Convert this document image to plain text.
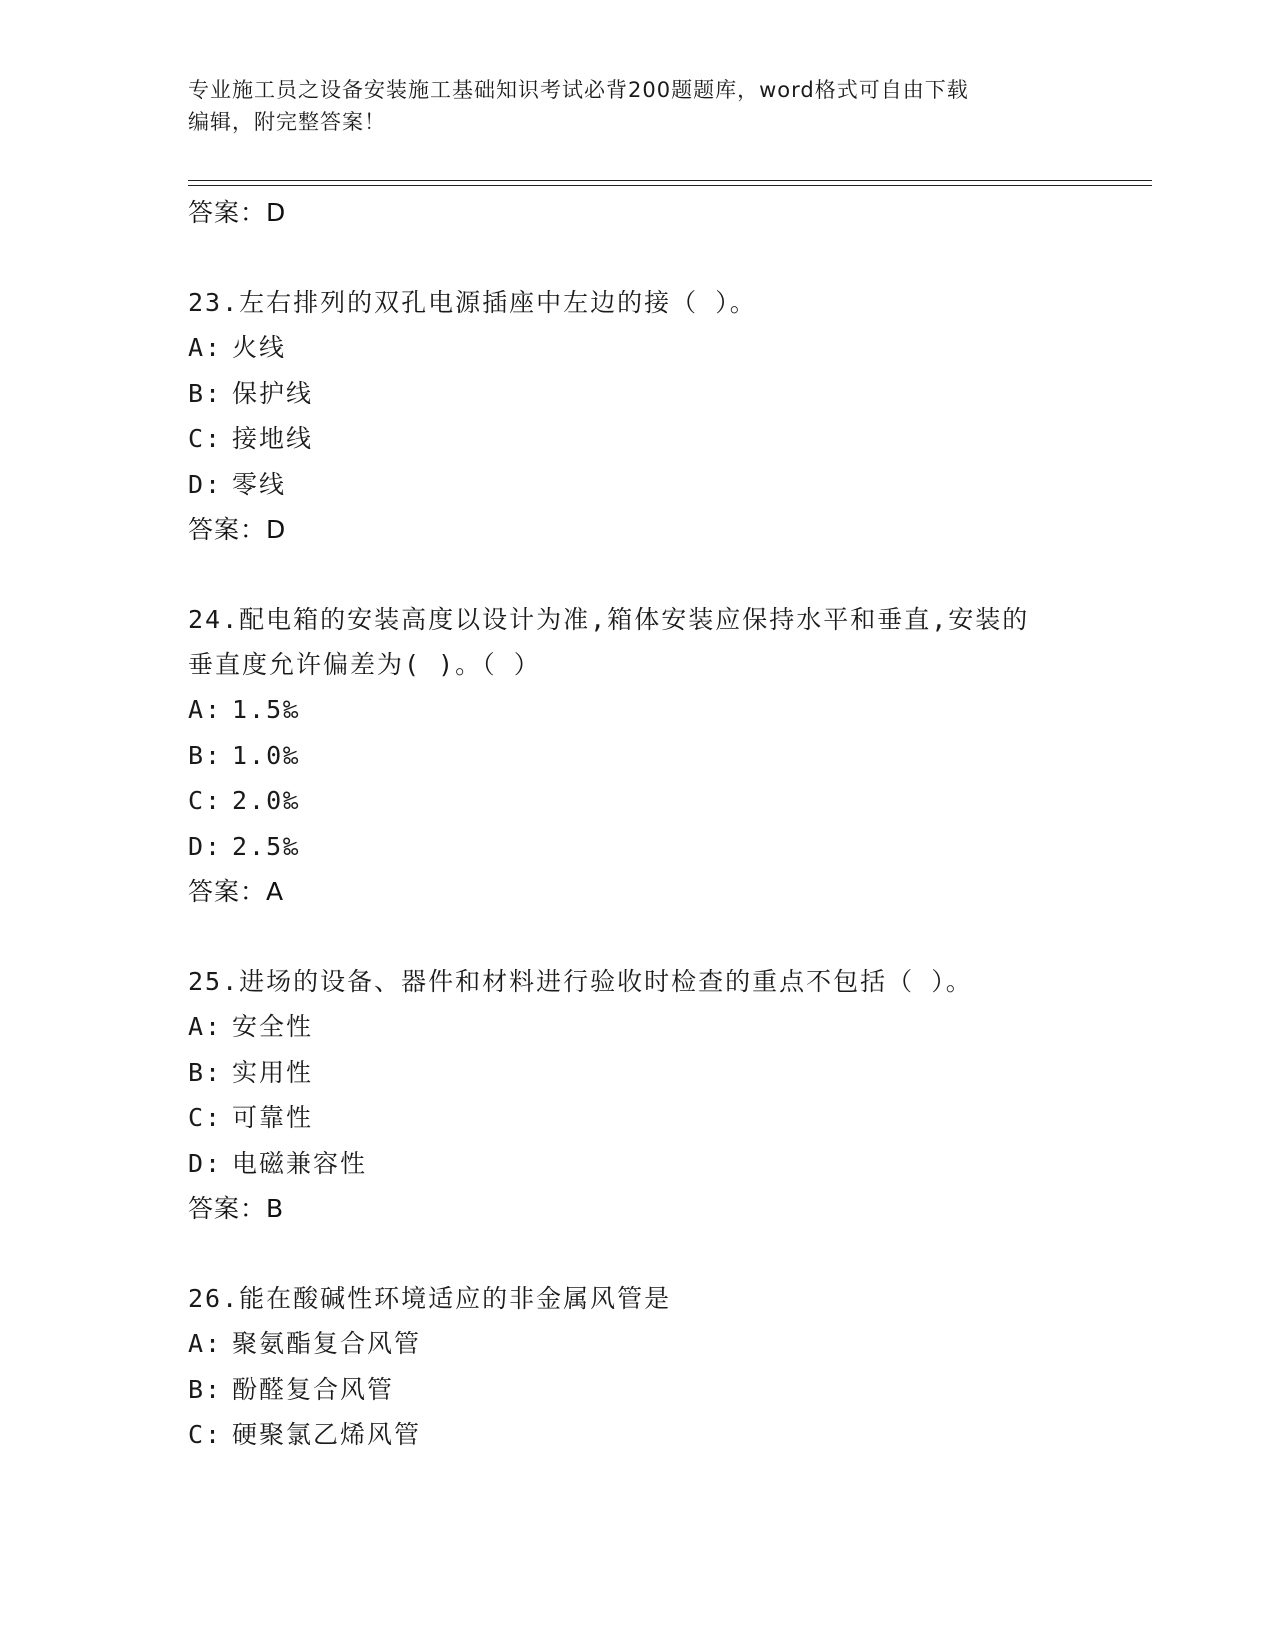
专业施工员之设备安装施工基础知识考试必背200题题库，word格式可自由下载
编辑，附完整答案！
答案：D
23.左右排列的双孔电源插座中左边的接（ ）。
A: 火线
B: 保护线
C: 接地线
D: 零线
答案：D
24.配电箱的安装高度以设计为准,箱体安装应保持水平和垂直,安装的
垂直度允许偏差为( )。（ ）
A: 1.5‰
B: 1.0‰
C: 2.0‰
D: 2.5‰
答案：A
25.进场的设备、器件和材料进行验收时检查的重点不包括（ ）。
A: 安全性
B: 实用性
C: 可靠性
D: 电磁兼容性
答案：B
26.能在酸碱性环境适应的非金属风管是
A: 聚氨酯复合风管
B: 酚醛复合风管
C: 硬聚氯乙烯风管
